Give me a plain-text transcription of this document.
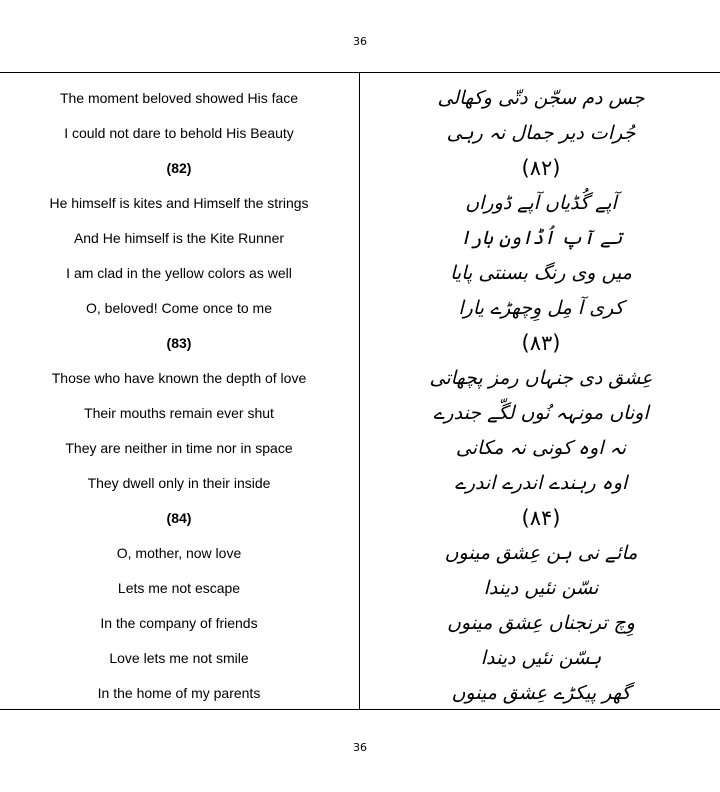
36
The moment beloved showed His face
I could not dare to behold His Beauty
(82)
He himself is kites and Himself the strings
And He himself is the Kite Runner
I am clad in the yellow colors as well
O, beloved! Come once to me
(83)
Those who have known the depth of love
Their mouths remain ever shut
They are neither in time nor in space
They dwell only in their inside
(84)
O, mother, now love
Lets me not escape
In the company of friends
Love lets me not smile
In the home of my parents
جس دم سجّن دتّی وکھالی
جُرات دیر جمال نہ رہی
(۸۲)
آپے گُڈیاں آپے ڈوراں
تے آپ اُڈاون ہارا
میں وی رنگ بسنتی پایا
کری آ مِل وِچھڑے یارا
(۸۳)
عِشق دی جنہاں رمز پچھاتی
اوناں مونہہ نُوں لگّے جندرے
نہ اوہ کونی نہ مکانی
اوہ رہندے اندرے اندرے
(۸۴)
مائے نی ہن عِشق مینوں
نسّن نئیں دیندا
وِچ ترنجناں عِشق مینوں
ہسّن نئیں دیندا
گھر پیکڑے عِشق مینوں
36
